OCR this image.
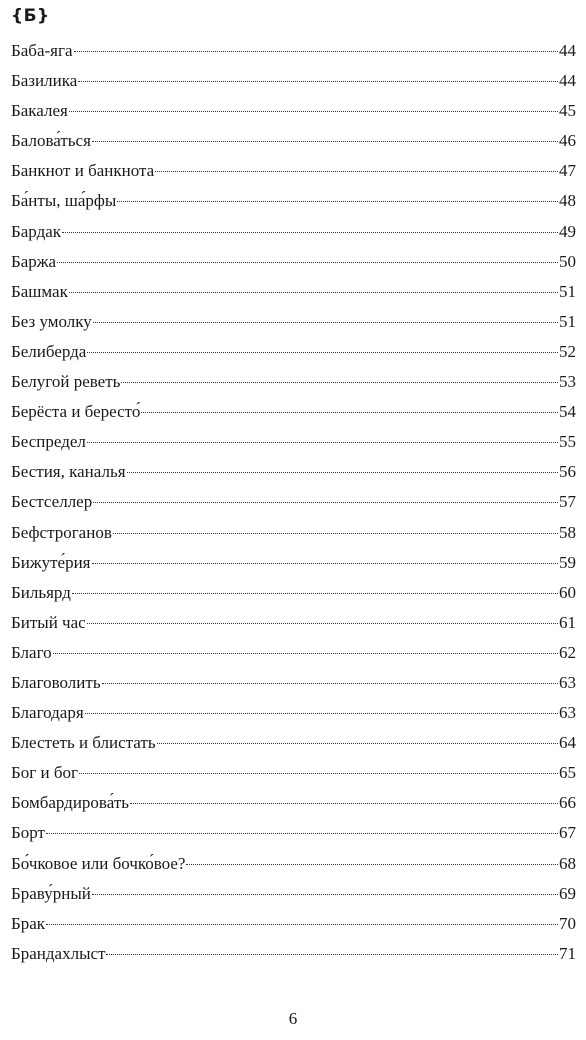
{Б}
Баба-яга	44
Базилика	44
Бакалея	45
Балова́ться	46
Банкнот и банкнота	47
Ба́нты, ша́рфы	48
Бардак	49
Баржа	50
Башмак	51
Без умолку	51
Белиберда	52
Белугой реветь	53
Берёста и бересто́	54
Беспредел	55
Бестия, каналья	56
Бестселлер	57
Бефстроганов	58
Бижуте́рия	59
Бильярд	60
Битый час	61
Благо	62
Благоволить	63
Благодаря	63
Блестеть и блистать	64
Бог и бог	65
Бомбардирова́ть	66
Борт	67
Бо́чковое или бочко́вое?	68
Браву́рный	69
Брак	70
Брандахлыст	71
6
